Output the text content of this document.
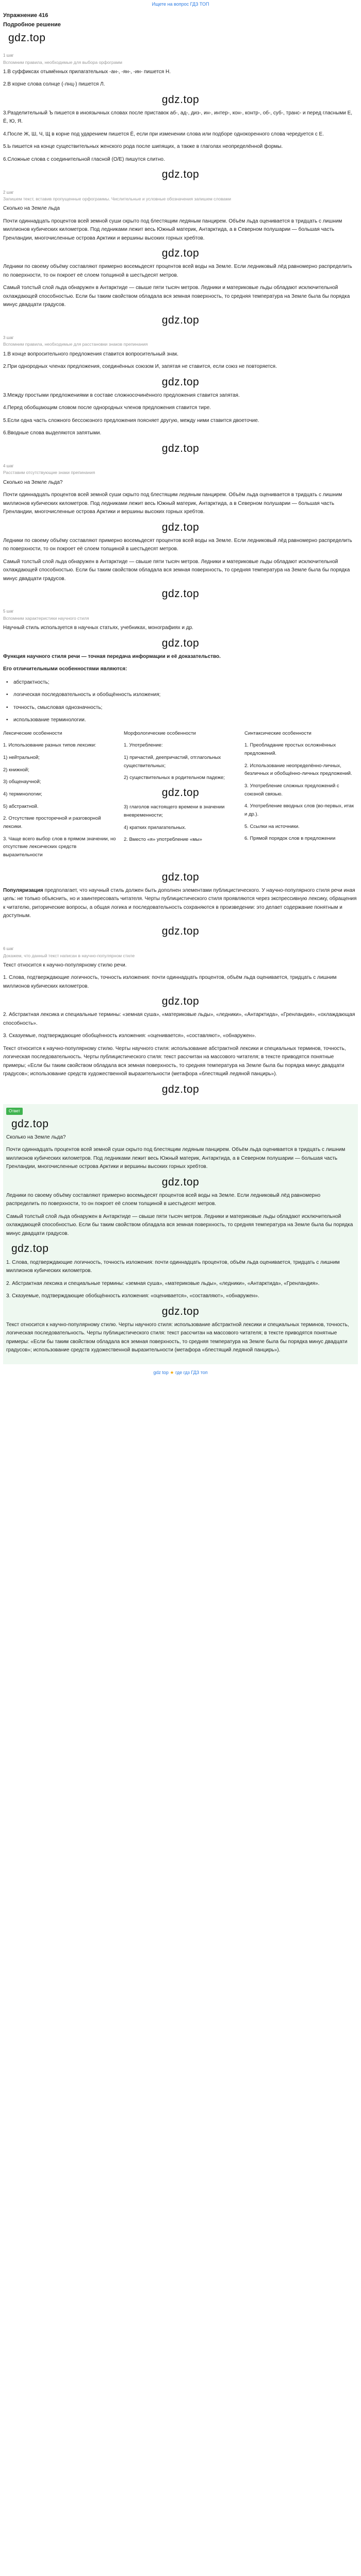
Ищете на вопрос ГДЗ ТОП
Упражнение 416
Подробное решение
gdz.top
1 шаг
Вспомним правила, необходимые для выбора орфограмм

1.В суффиксах отымённых прилагательных -ан-, -ян-, -ин- пишется Н.

2.В корне слова солнце (-лнц-) пишется Л.

gdz.top

3.Разделительный Ъ пишется в иноязычных словах после приставок аб-, ад-, диз-, ин-, интер-, кон-, контр-, об-, суб-, транс- и перед гласными Е, Ё, Ю, Я.

4.После Ж, Ш, Ч, Щ в корне под ударением пишется Ё, если при изменении слова или подборе однокоренного слова чередуется с Е.

5.Ь пишется на конце существительных женского рода после шипящих, а также в глаголах неопределённой формы.

6.Сложные слова с соединительной гласной (О/Е) пишутся слитно.

gdz.top
2 шаг
Запишем текст, вставив пропущенные орфограммы. Числительные и условные обозначения запишем словами

Сколько на Земле льда

Почти одиннадцать процентов всей земной суши скрыто под блестящим ледяным панцирем. Объём льда оценивается в тридцать с лишним миллионов кубических километров. Под ледниками лежит весь Южный материк, Антарктида, а в Северном полушарии — большая часть Гренландии, многочисленные острова Арктики и вершины высоких горных хребтов.

gdz.top

Ледники по своему объёму составляют примерно восемьдесят процентов всей воды на Земле. Если ледниковый лёд равномерно распределить по поверхности, то он покроет её слоем толщиной в шестьдесят метров.

Самый толстый слой льда обнаружен в Антарктиде — свыше пяти тысяч метров. Ледники и материковые льды обладают исключительной охлаждающей способностью. Если бы таким свойством обладала вся земная поверхность, то средняя температура на Земле была бы порядка минус двадцати градусов.

gdz.top
3 шаг
Вспомним правила, необходимые для расстановки знаков препинания

1.В конце вопросительного предложения ставится вопросительный знак.

2.При однородных членах предложения, соединённых союзом И, запятая не ставится, если союз не повторяется.

gdz.top

3.Между простыми предложениями в составе сложносочинённого предложения ставится запятая.

4.Перед обобщающим словом после однородных членов предложения ставится тире.

5.Если одна часть сложного бессоюзного предложения поясняет другую, между ними ставится двоеточие.

6.Вводные слова выделяются запятыми.

gdz.top
4 шаг
Расставим отсутствующие знаки препинания

Сколько на Земле льда?

Почти одиннадцать процентов всей земной суши скрыто под блестящим ледяным панцирем. Объём льда оценивается в тридцать с лишним миллионов кубических километров. Под ледниками лежит весь Южный материк, Антарктида, а в Северном полушарии — большая часть Гренландии, многочисленные острова Арктики и вершины высоких горных хребтов.

gdz.top

Ледники по своему объёму составляют примерно восемьдесят процентов всей воды на Земле. Если ледниковый лёд равномерно распределить по поверхности, то он покроет её слоем толщиной в шестьдесят метров.

Самый толстый слой льда обнаружен в Антарктиде — свыше пяти тысяч метров. Ледники и материковые льды обладают исключительной охлаждающей способностью. Если бы таким свойством обладала вся земная поверхность, то средняя температура на Земле была бы порядка минус двадцати градусов.

gdz.top
5 шаг
Вспомним характеристики научного стиля

Научный стиль используется в научных статьях, учебниках, монографиях и др.

gdz.top

Функция научного стиля речи — точная передача информации и её доказательство.

Его отличительными особенностями являются:

• абстрактность;
• логическая последовательность и обобщённость изложения;
• точность, смысловая однозначность;
• использование терминологии.
Лексические особенности
1. Использование разных типов лексики:
1) нейтральной;
2) книжной;
3) общенаучной;
4) терминологии;
5) абстрактной.
2. Отсутствие просторечной и разговорной лексики.
3. Чаще всего выбор слов в прямом значении, но отсутствие лексических средств выразительности
Морфологические особенности
1. Употребление:
1) причастий, деепричастий, отглагольных существительных;
2) существительных в родительном падеже;
gdz.top
3) глаголов настоящего времени в значении вневременности;
4) кратких прилагательных.
2. Вместо «я» употребление «мы»
Синтаксические особенности
1. Преобладание простых осложнённых предложений.
2. Использование неопределённо-личных, безличных и обобщённо-личных предложений.
3. Употребление сложных предложений с союзной связью.
4. Употребление вводных слов (во-первых, итак и др.).
5. Ссылки на источники.
6. Прямой порядок слов в предложении
gdz.top

Популяризация предполагает, что научный стиль должен быть дополнен элементами публицистического. У научно-популярного стиля речи иная цель: не только объяснить, но и заинтересовать читателя. Черты публицистического стиля проявляются через экспрессивную лексику, обращения к читателю, риторические вопросы, а общая логика и последовательность сохраняются в произведении: это делает содержание понятным и доступным.

gdz.top
6 шаг
Докажем, что данный текст написан в научно-популярном стиле

Текст относится к научно-популярному стилю речи.

1. Слова, подтверждающие логичность, точность изложения: почти одиннадцать процентов, объём льда оценивается, тридцать с лишним миллионов кубических километров.

gdz.top

2. Абстрактная лексика и специальные термины: «земная суша», «материковые льды», «ледники», «Антарктида», «Гренландия», «охлаждающая способность».

3. Сказуемые, подтверждающие обобщённость изложения: «оценивается», «составляют», «обнаружен».

Текст относится к научно-популярному стилю. Черты научного стиля: использование абстрактной лексики и специальных терминов, точность, логическая последовательность. Черты публицистического стиля: текст рассчитан на массового читателя; в тексте приводятся понятные примеры; «Если бы таким свойством обладала вся земная поверхность, то средняя температура на Земле была бы порядка минус двадцати градусов»; использование средств художественной выразительности (метафора «блестящий ледяной панцирь»).

gdz.top
Ответ
gdz.top

Сколько на Земле льда?

Почти одиннадцать процентов всей земной суши скрыто под блестящим ледяным панцирем. Объём льда оценивается в тридцать с лишним миллионов кубических километров. Под ледниками лежит весь Южный материк, Антарктида, а в Северном полушарии — большая часть Гренландии, многочисленные острова Арктики и вершины высоких горных хребтов.

gdz.top

Ледники по своему объёму составляют примерно восемьдесят процентов всей воды на Земле. Если ледниковый лёд равномерно распределить по поверхности, то он покроет её слоем толщиной в шестьдесят метров.

Самый толстый слой льда обнаружен в Антарктиде — свыше пяти тысяч метров. Ледники и материковые льды обладают исключительной охлаждающей способностью. Если бы таким свойством обладала вся земная поверхность, то средняя температура на Земле была бы порядка минус двадцати градусов.

gdz.top

1. Слова, подтверждающие логичность, точность изложения: почти одиннадцать процентов, объём льда оценивается, тридцать с лишним миллионов кубических километров.

2. Абстрактная лексика и специальные термины: «земная суша», «материковые льды», «ледники», «Антарктида», «Гренландия».

3. Сказуемые, подтверждающие обобщённость изложения: «оценивается», «составляют», «обнаружен».

gdz.top

Текст относится к научно-популярному стилю. Черты научного стиля: использование абстрактной лексики и специальных терминов, точность, логическая последовательность. Черты публицистического стиля: текст рассчитан на массового читателя; в тексте приводятся понятные примеры: «Если бы таким свойством обладала вся земная поверхность, то средняя температура на Земле была бы порядка минус двадцати градусов»; использование средств художественной выразительности (метафора «блестящий ледяной панцирь»).

gdz top ★ где гдз ГДЗ топ
